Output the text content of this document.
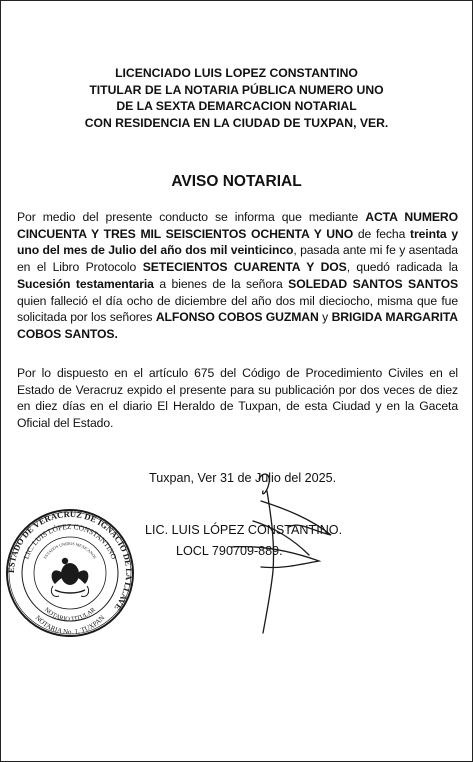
LICENCIADO LUIS LOPEZ CONSTANTINO
TITULAR DE LA NOTARIA PÚBLICA NUMERO UNO
DE LA SEXTA DEMARCACION NOTARIAL
CON RESIDENCIA EN LA CIUDAD DE TUXPAN, VER.
AVISO NOTARIAL
Por medio del presente conducto se informa que mediante ACTA NUMERO CINCUENTA Y TRES MIL SEISCIENTOS OCHENTA Y UNO de fecha treinta y uno del mes de Julio del año dos mil veinticinco, pasada ante mi fe y asentada en el Libro Protocolo SETECIENTOS CUARENTA Y DOS, quedó radicada la Sucesión testamentaria a bienes de la señora SOLEDAD SANTOS SANTOS quien falleció el día ocho de diciembre del año dos mil dieciocho, misma que fue solicitada por los señores ALFONSO COBOS GUZMAN y BRIGIDA MARGARITA COBOS SANTOS.
Por lo dispuesto en el artículo 675 del Código de Procedimiento Civiles en el Estado de Veracruz expido el presente para su publicación por dos veces de diez en diez días en el diario El Heraldo de Tuxpan, de esta Ciudad y en la Gaceta Oficial del Estado.
Tuxpan, Ver 31 de Julio del 2025.
LIC. LUIS LÓPEZ CONSTANTINO.
LOCL 790709-889.
ESTADO DE VERACRUZ DE IGNACIO DE LA LLAVE
LIC. LUIS LÓPEZ CONSTANTINO
ESTADOS UNIDOS MEXICANOS
NOTARIO TITULAR
NOTARIA No. 1, TUXPAN
